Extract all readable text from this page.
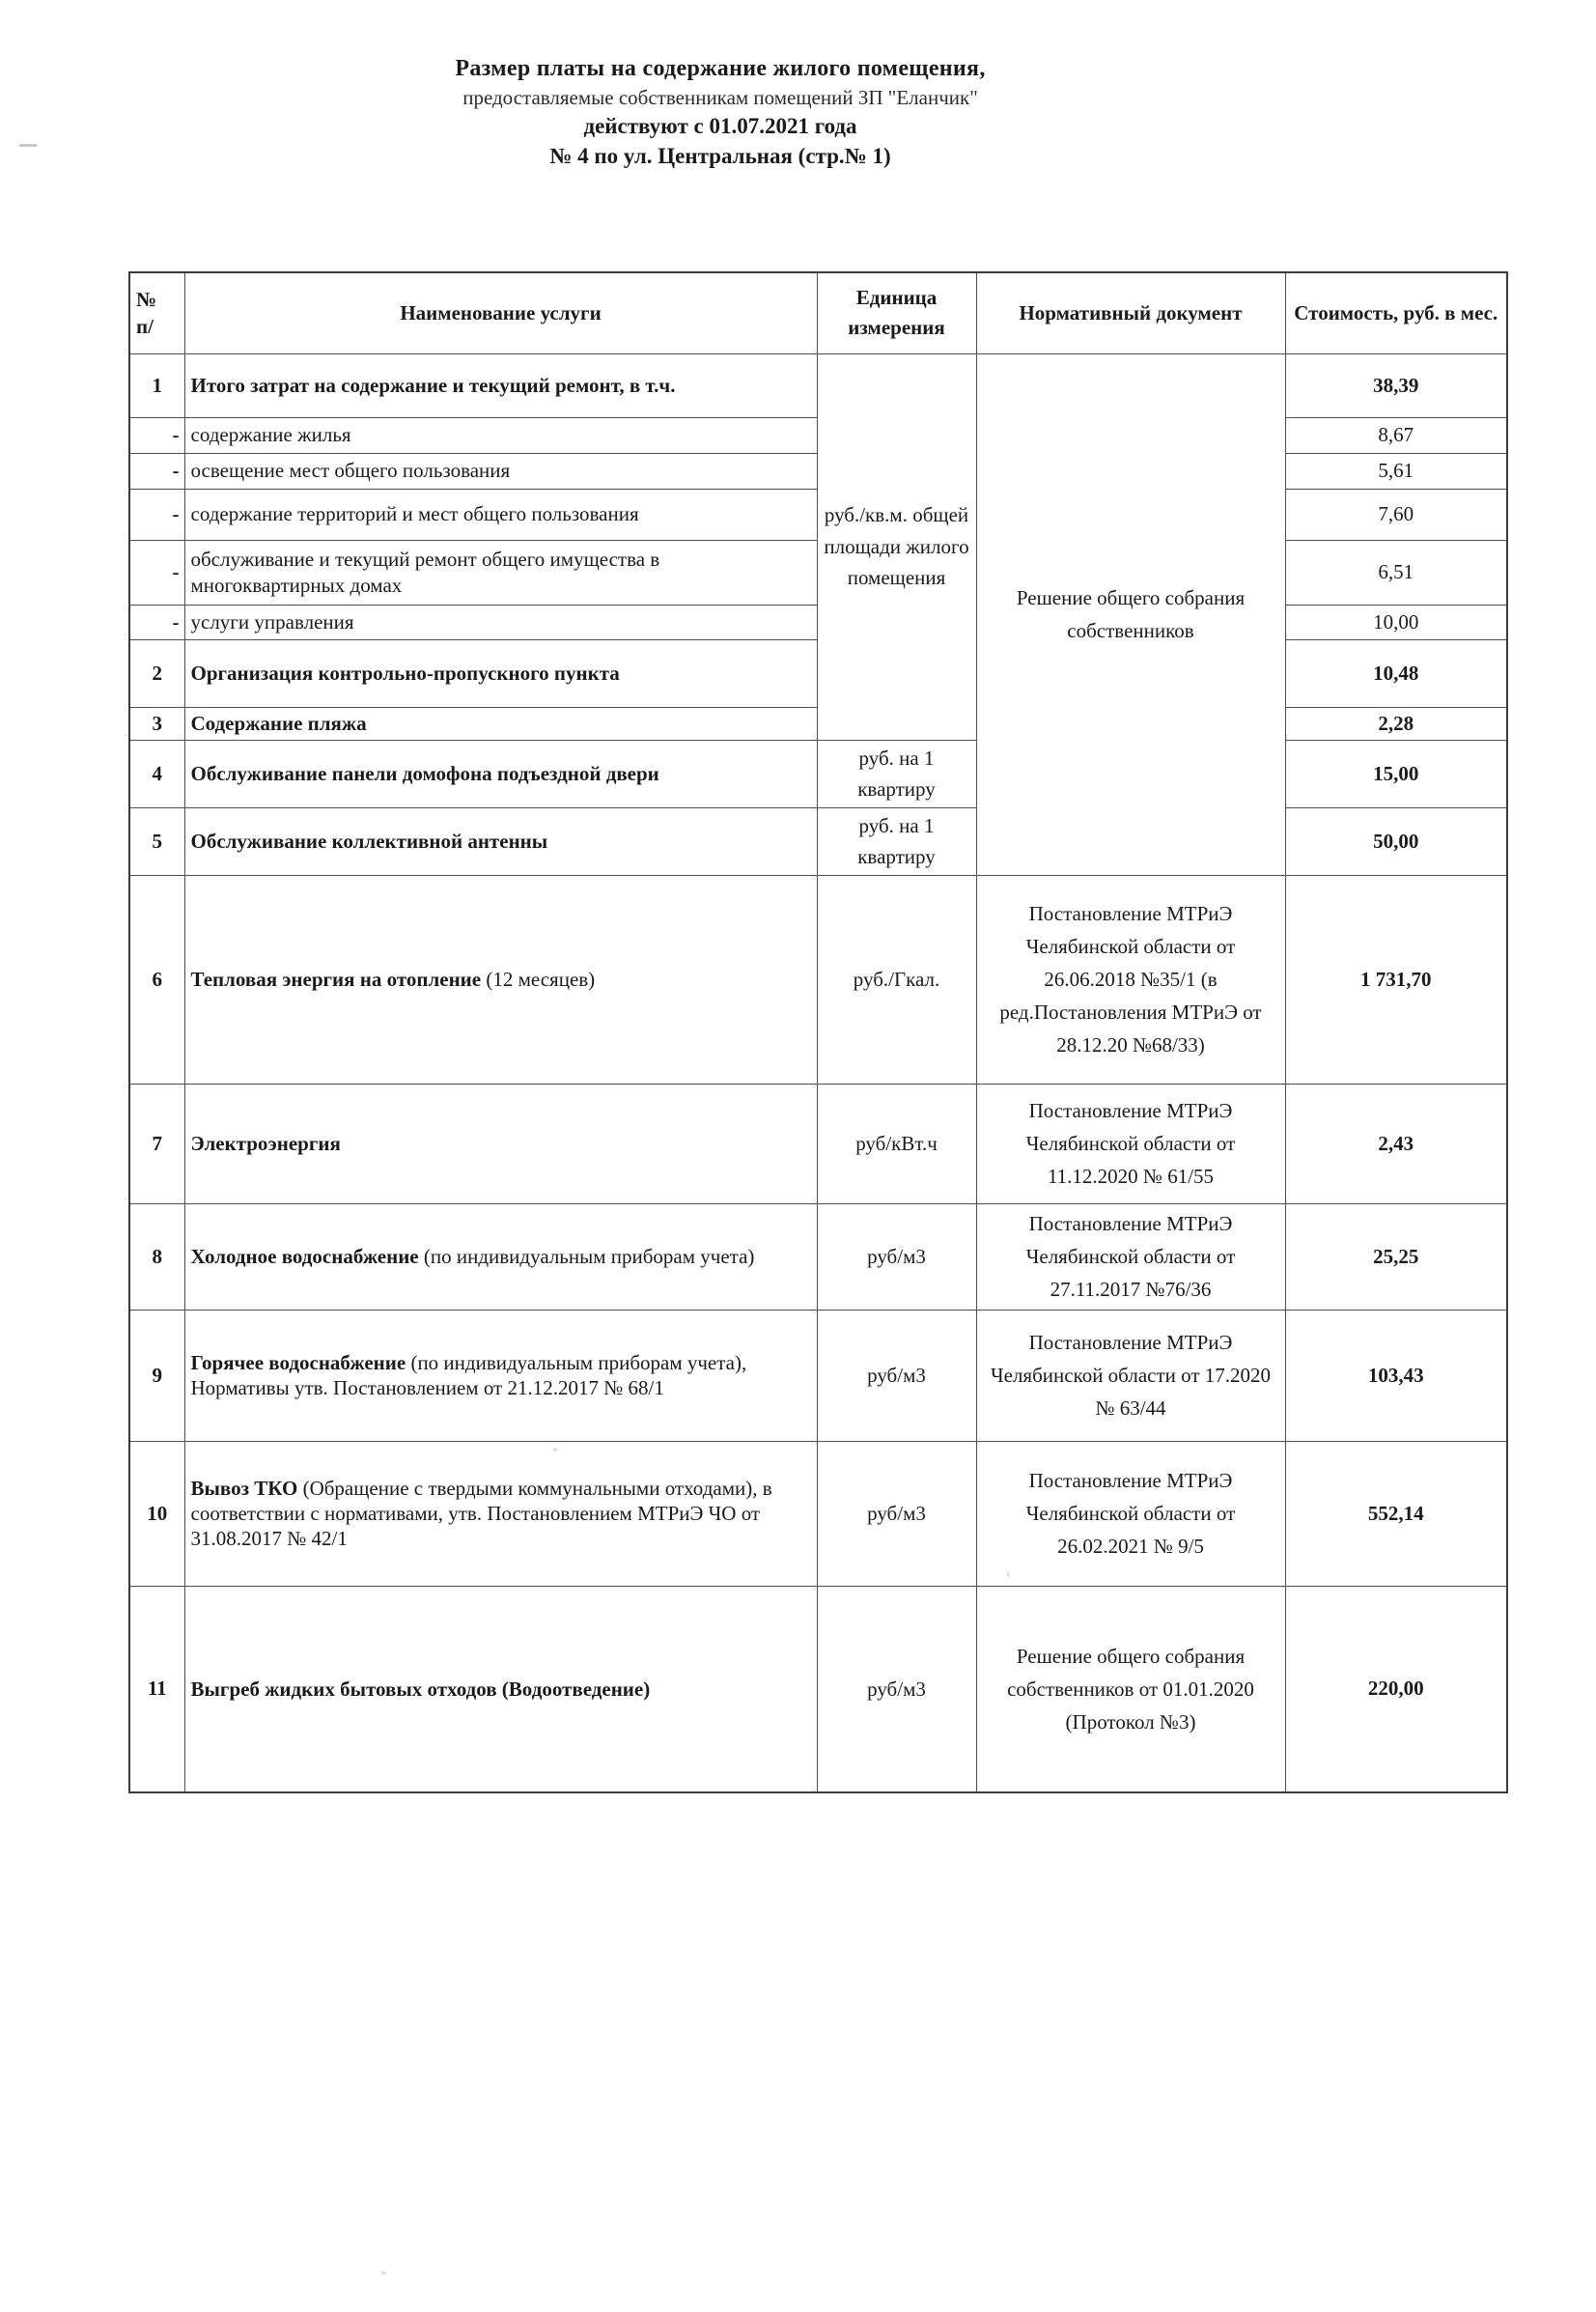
Размер платы на содержание жилого помещения,
предоставляемые собственникам помещений ЗП "Еланчик"
действуют с 01.07.2021 года
№ 4 по ул. Центральная (стр.№ 1)
№
п/	Наименование услуги	Единица измерения	Нормативный документ	Стоимость, руб. в мес.
1	Итого затрат на содержание и текущий ремонт, в т.ч.	руб./кв.м. общей площади жилого помещения	Решение общего собрания собственников	38,39
-	содержание жилья			8,67
-	освещение мест общего пользования			5,61
-	содержание территорий и мест общего пользования			7,60
-	обслуживание и текущий ремонт общего имущества в многоквартирных домах			6,51
-	услуги управления			10,00
2	Организация контрольно-пропускного пункта			10,48
3	Содержание пляжа			2,28
4	Обслуживание панели домофона подъездной двери	руб. на 1 квартиру		15,00
5	Обслуживание коллективной антенны	руб. на 1 квартиру		50,00
6	Тепловая энергия на отопление (12 месяцев)	руб./Гкал.	Постановление МТРиЭ Челябинской области от 26.06.2018 №35/1 (в ред.Постановления МТРиЭ от 28.12.20 №68/33)	1 731,70
7	Электроэнергия	руб/кВт.ч	Постановление МТРиЭ Челябинской области от 11.12.2020 № 61/55	2,43
8	Холодное водоснабжение (по индивидуальным приборам учета)	руб/м3	Постановление МТРиЭ Челябинской области от 27.11.2017 №76/36	25,25
9	Горячее водоснабжение (по индивидуальным приборам учета), Нормативы утв. Постановлением от 21.12.2017 № 68/1	руб/м3	Постановление МТРиЭ Челябинской области от 17.2020 № 63/44	103,43
10	Вывоз ТКО (Обращение с твердыми коммунальными отходами), в соответствии с нормативами, утв. Постановлением МТРиЭ ЧО от 31.08.2017 № 42/1	руб/м3	Постановление МТРиЭ Челябинской области от 26.02.2021 № 9/5	552,14
11	Выгреб жидких бытовых отходов (Водоотведение)	руб/м3	Решение общего собрания собственников от 01.01.2020 (Протокол №3)	220,00
